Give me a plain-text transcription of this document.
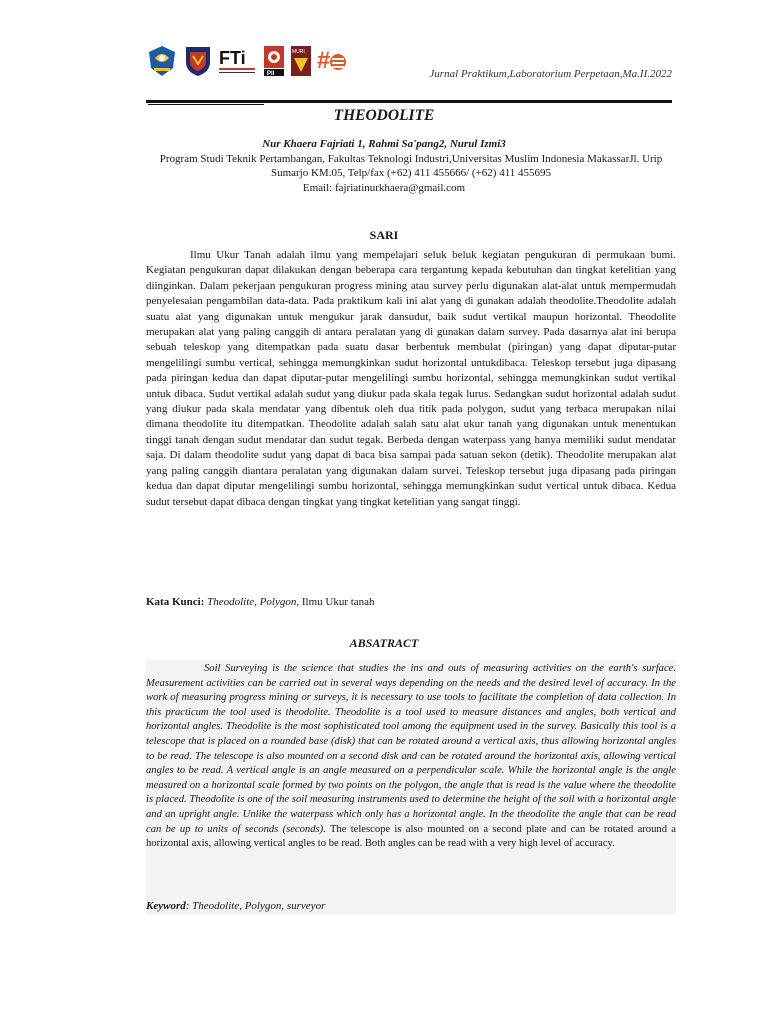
FTi
PII
MURI #	Jurnal Praktikum,Laboratorium Perpetaan,Ma.II.2022
THEODOLITE
Nur Khaera Fajriati 1, Rahmi Sa'pang2, Nurul Izmi3
Program Studi Teknik Pertambangan, Fakultas Teknologi Industri,Universitas Muslim Indonesia MakassarJl. Urip Sumarjo KM.05, Telp/fax (+62) 411 455666/ (+62) 411 455695
Email: fajriatinurkhaera@gmail.com
SARI

Ilmu Ukur Tanah adalah ilmu yang mempelajari seluk beluk kegiatan pengukuran di permukaan bumi. Kegiatan pengukuran dapat dilakukan dengan beberapa cara tergantung kepada kebutuhan dan tingkat ketelitian yang diinginkan. Dalam pekerjaan pengukuran progress mining atau survey perlu digunakan alat-alat untuk mempermudah penyelesaian pengambilan data-data. Pada praktikum kali ini alat yang di gunakan adalah theodolite.Theodolite adalah suatu alat yang digunakan untuk mengukur jarak dansudut, baik sudut vertikal maupun horizontal. Theodolite merupakan alat yang paling canggih di antara peralatan yang di gunakan dalam survey. Pada dasarnya alat ini berupa sebuah teleskop yang ditempatkan pada suatu dasar berbentuk membulat (piringan) yang dapat diputar-putar mengelilingi sumbu vertical, sehingga memungkinkan sudut horizontal untukdibaca. Teleskop tersebut juga dipasang pada piringan kedua dan dapat diputar-putar mengelilingi sumbu horizontal, sehingga memungkinkan sudut vertikal untuk dibaca. Sudut vertikal adalah sudut yang diukur pada skala tegak lurus. Sedangkan sudut horizontal adalah sudut yang diukur pada skala mendatar yang dibentuk oleh dua titik pada polygon, sudut yang terbaca merupakan nilai dimana theodolite itu ditempatkan. Theodolite adalah salah satu alat ukur tanah yang digunakan untuk menentukan tinggi tanah dengan sudut mendatar dan sudut tegak. Berbeda dengan waterpass yang hanya memiliki sudut mendatar saja. Di dalam theodolite sudut yang dapat di baca bisa sampai pada satuan sekon (detik). Theodolite merupakan alat yang paling canggih diantara peralatan yang digunakan dalam survei. Teleskop tersebut juga dipasang pada piringan kedua dan dapat diputar mengelilingi sumbu horizontal, sehingga memungkinkan sudut vertical untuk dibaca. Kedua sudut tersebut dapat dibaca dengan tingkat yang tingkat ketelitian yang sangat tinggi.

Kata Kunci: Theodolite, Polygon, Ilmu Ukur tanah
ABSATRACT

Soil Surveying is the science that studies the ins and outs of measuring activities on the earth's surface. Measurement activities can be carried out in several ways depending on the needs and the desired level of accuracy. In the work of measuring progress mining or surveys, it is necessary to use tools to facilitate the completion of data collection. In this practicum the tool used is theodolite. Theodolite is a tool used to measure distances and angles, both vertical and horizontal angles. Theodolite is the most sophisticated tool among the equipment used in the survey. Basically this tool is a telescope that is placed on a rounded base (disk) that can be rotated around a vertical axis, thus allowing horizontal angles to be read. The telescope is also mounted on a second disk and can be rotated around the horizontal axis, allowing vertical angles to be read. A vertical angle is an angle measured on a perpendicular scale. While the horizontal angle is the angle measured on a horizontal scale formed by two points on the polygon, the angle that is read is the value where the theodolite is placed. Theodolite is one of the soil measuring instruments used to determine the height of the soil with a horizontal angle and an upright angle. Unlike the waterpass which only has a horizontal angle. In the theodolite the angle that can be read can be up to units of seconds (seconds). The telescope is also mounted on a second plate and can be rotated around a horizontal axis, allowing vertical angles to be read. Both angles can be read with a very high level of accuracy.

Keyword: Theodolite, Polygon, surveyor
